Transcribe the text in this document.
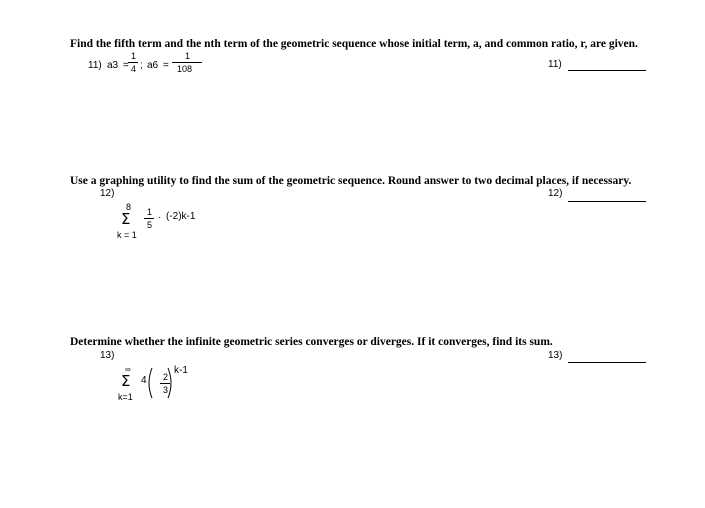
Find the fifth term and the nth term of the geometric sequence whose initial term, a, and common ratio, r, are given.
11) a3 =
1
4 ; a6 =
1
108	11)
Use a graphing utility to find the sum of the geometric sequence. Round answer to two decimal places, if necessary.
12)
8
Σ
k = 1
1
5
· (-2)k-1
12)
Determine whether the infinite geometric series converges or diverges. If it converges, find its sum.
13)	13)
∞
Σ
k=1
4 2
3
k-1
